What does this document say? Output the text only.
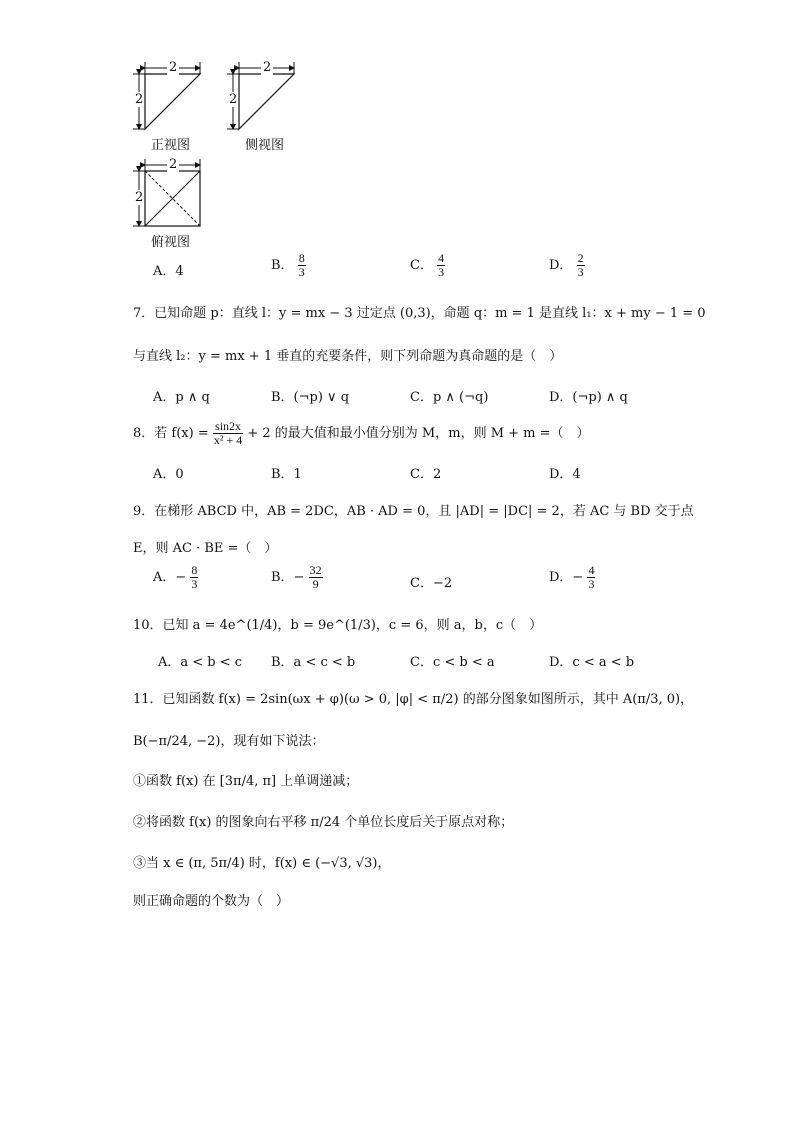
2
2
2
2
2
2
正视图	侧视图
俯视图
A．4	B． $\frac{8}{3}$	C． $\frac{4}{3}$	D． $\frac{2}{3}$
7．已知命题 p：直线 l：y = mx − 3 过定点 (0,3)，命题 q：m = 1 是直线 l₁：x + my − 1 = 0
与直线 l₂：y = mx + 1 垂直的充要条件，则下列命题为真命题的是（　）
A．p ∧ q	B．(¬p) ∨ q	C．p ∧ (¬q)	D．(¬p) ∧ q
8．若 $f(x) = \frac{\sin 2x}{\text{x² + 4}} + 2$ 的最大值和最小值分别为 M，m，则 M + m =（　）
A．0	B．1	C．2	D．4
9．在梯形 ABCD 中，AB = 2DC，AB · AD = 0，且 |AD| = |DC| = 2，若 AC 与 BD 交于点
E，则 AC · BE =（　）
A．− $\frac{8}{3}$	B．− $\frac{32}{9}$	C．−2	D．− $\frac{4}{3}$
10．已知 a = 4e^(1/4)，b = 9e^(1/3)，c = 6，则 a，b，c（　）
A．a < b < c B．a < c < b	C．c < b < a	D．c < a < b
11．已知函数 f(x) = 2sin(ωx + φ)(ω > 0, |φ| < π/2) 的部分图象如图所示，其中 A(π/3, 0)，
B(−π/24, −2)，现有如下说法：
①函数 f(x) 在 [3π/4, π] 上单调递减；
②将函数 f(x) 的图象向右平移 π/24 个单位长度后关于原点对称；
③当 x ∈ (π, 5π/4) 时，f(x) ∈ (−√3, √3)，
则正确命题的个数为（　）
